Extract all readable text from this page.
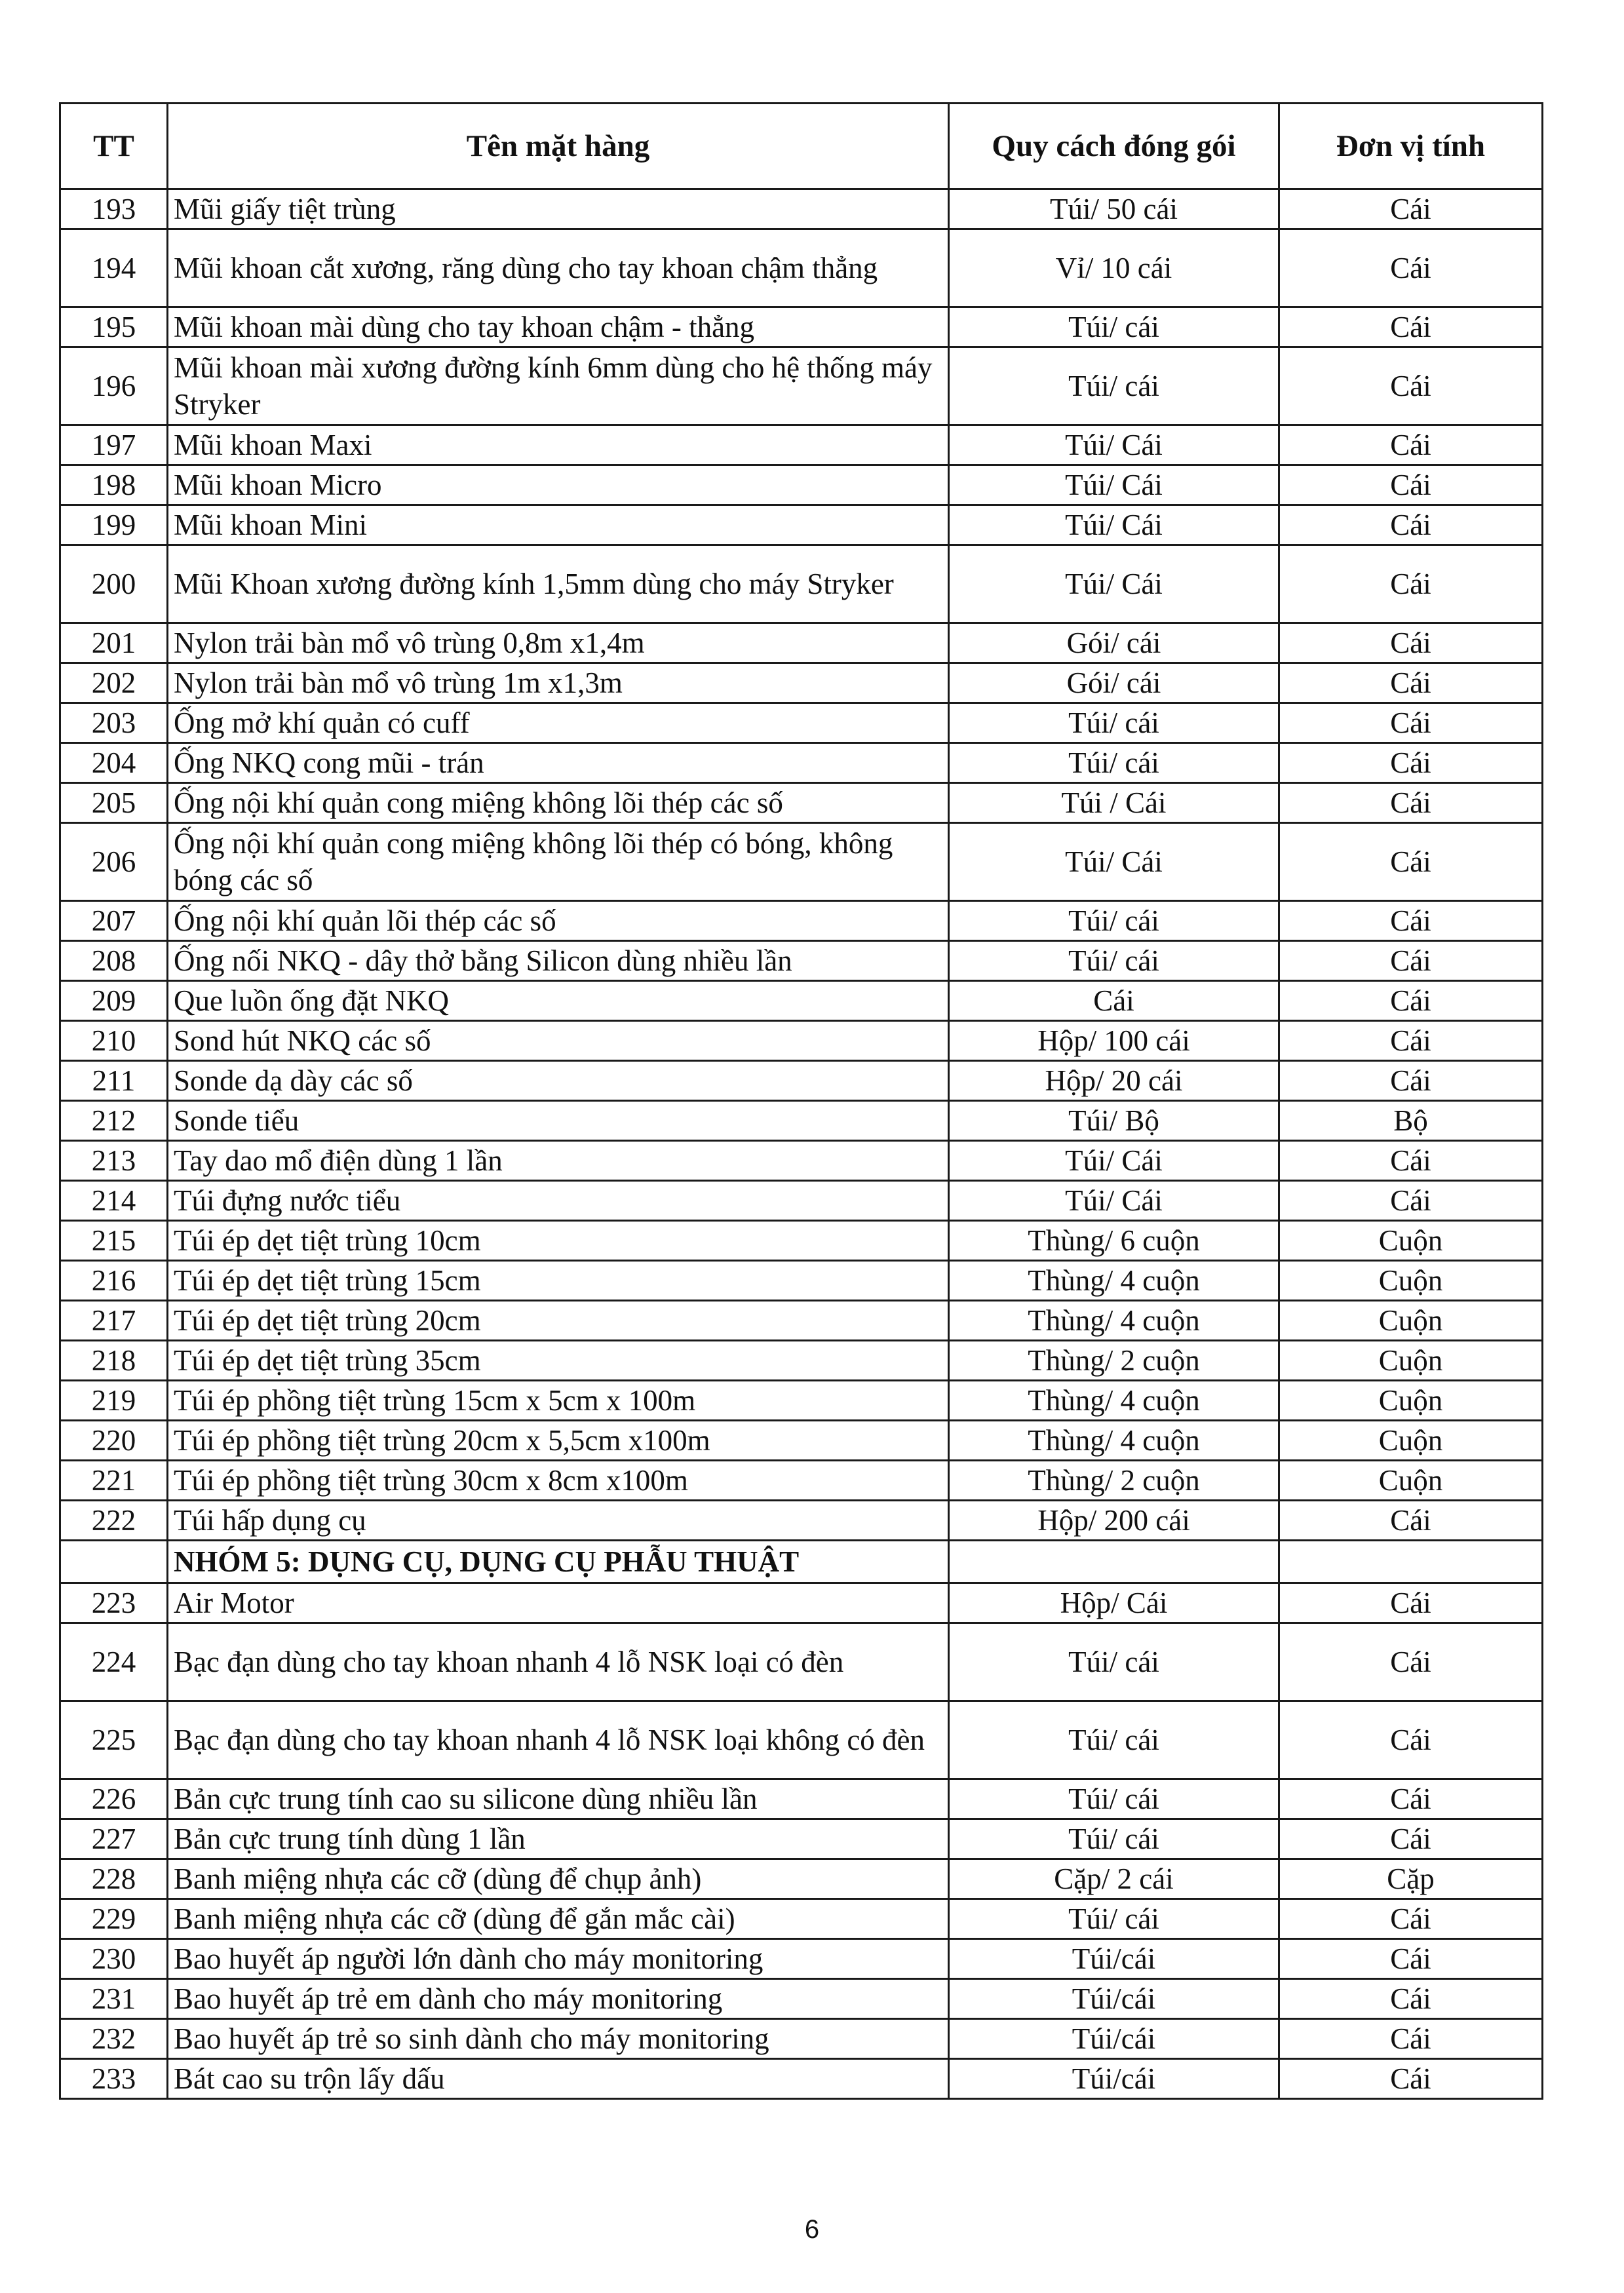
TT	Tên mặt hàng	Quy cách đóng gói	Đơn vị tính
193	Mũi giấy tiệt trùng	Túi/ 50 cái	Cái
194	Mũi khoan cắt xương, răng dùng cho tay khoan chậm thẳng	Vỉ/ 10 cái	Cái
195	Mũi khoan mài dùng cho tay khoan chậm - thẳng	Túi/ cái	Cái
196	Mũi khoan mài xương đường kính 6mm dùng cho hệ thống máy Stryker	Túi/ cái	Cái
197	Mũi khoan Maxi	Túi/ Cái	Cái
198	Mũi khoan Micro	Túi/ Cái	Cái
199	Mũi khoan Mini	Túi/ Cái	Cái
200	Mũi Khoan xương đường kính 1,5mm dùng cho máy Stryker	Túi/ Cái	Cái
201	Nylon trải bàn mổ vô trùng 0,8m x1,4m	Gói/ cái	Cái
202	Nylon trải bàn mổ vô trùng 1m x1,3m	Gói/ cái	Cái
203	Ống mở khí quản có cuff	Túi/ cái	Cái
204	Ống NKQ cong mũi - trán	Túi/ cái	Cái
205	Ống nội khí quản cong miệng không lõi thép các số	Túi / Cái	Cái
206	Ống nội khí quản cong miệng không lõi thép có bóng, không bóng các số	Túi/ Cái	Cái
207	Ống nội khí quản lõi thép các số	Túi/ cái	Cái
208	Ống nối NKQ - dây thở bằng Silicon dùng nhiều lần	Túi/ cái	Cái
209	Que luồn ống đặt NKQ	Cái	Cái
210	Sond hút NKQ các số	Hộp/ 100 cái	Cái
211	Sonde dạ dày các số	Hộp/ 20 cái	Cái
212	Sonde tiểu	Túi/ Bộ	Bộ
213	Tay dao mổ điện dùng 1 lần	Túi/ Cái	Cái
214	Túi đựng nước tiểu	Túi/ Cái	Cái
215	Túi ép dẹt tiệt trùng 10cm	Thùng/ 6 cuộn	Cuộn
216	Túi ép dẹt tiệt trùng 15cm	Thùng/ 4 cuộn	Cuộn
217	Túi ép dẹt tiệt trùng 20cm	Thùng/ 4 cuộn	Cuộn
218	Túi ép dẹt tiệt trùng 35cm	Thùng/ 2 cuộn	Cuộn
219	Túi ép phồng tiệt trùng 15cm x 5cm x 100m	Thùng/ 4 cuộn	Cuộn
220	Túi ép phồng tiệt trùng 20cm x 5,5cm x100m	Thùng/ 4 cuộn	Cuộn
221	Túi ép phồng tiệt trùng 30cm x 8cm x100m	Thùng/ 2 cuộn	Cuộn
222	Túi hấp dụng cụ	Hộp/ 200 cái	Cái
	NHÓM 5: DỤNG CỤ, DỤNG CỤ PHẪU THUẬT		
223	Air Motor	Hộp/ Cái	Cái
224	Bạc đạn dùng cho tay khoan nhanh 4 lỗ NSK loại có đèn	Túi/ cái	Cái
225	Bạc đạn dùng cho tay khoan nhanh 4 lỗ NSK loại không có đèn	Túi/ cái	Cái
226	Bản cực trung tính cao su silicone dùng nhiều lần	Túi/ cái	Cái
227	Bản cực trung tính dùng 1 lần	Túi/ cái	Cái
228	Banh miệng nhựa các cỡ (dùng để chụp ảnh)	Cặp/ 2 cái	Cặp
229	Banh miệng nhựa các cỡ (dùng để gắn mắc cài)	Túi/ cái	Cái
230	Bao huyết áp người lớn dành cho máy monitoring	Túi/cái	Cái
231	Bao huyết áp trẻ em dành cho máy monitoring	Túi/cái	Cái
232	Bao huyết áp trẻ so sinh dành cho máy monitoring	Túi/cái	Cái
233	Bát cao su trộn lấy dấu	Túi/cái	Cái
6
